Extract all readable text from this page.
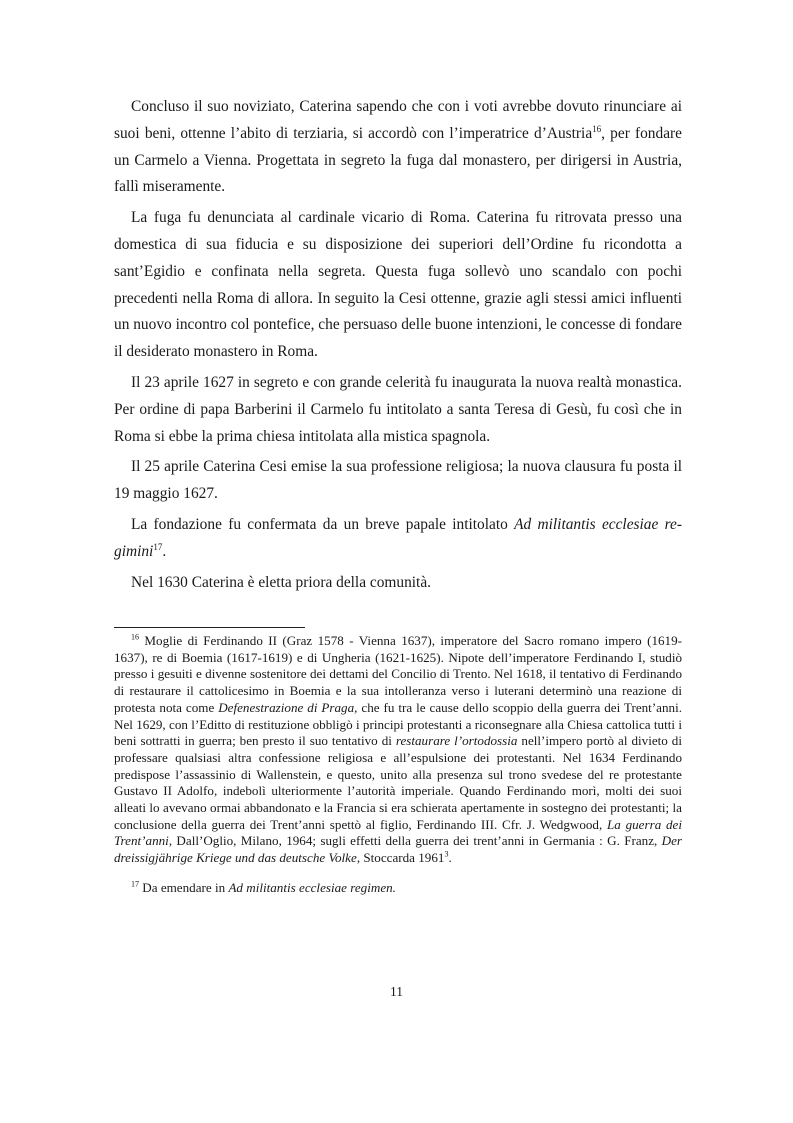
Concluso il suo noviziato, Caterina sapendo che con i voti avrebbe dovuto rinunciare ai suoi beni, ottenne l’abito di terziaria, si accordò con l’imperatrice d’Austria$^{16}$, per fondare un Carmelo a Vienna. Progettata in segreto la fuga dal monastero, per dirigersi in Austria, fallì miseramente.

La fuga fu denunciata al cardinale vicario di Roma. Caterina fu ritrovata presso una domestica di sua fiducia e su disposizione dei superiori dell’Ordine fu ricondotta a sant’Egidio e confinata nella segreta. Questa fuga sollevò uno scandalo con pochi precedenti nella Roma di allora. In seguito la Cesi ottenne, grazie agli stessi amici influenti un nuovo incontro col pontefice, che persuaso delle buone intenzioni, le concesse di fondare il desiderato monastero in Roma.

Il 23 aprile 1627 in segreto e con grande celerità fu inaugurata la nuova realtà monastica. Per ordine di papa Barberini il Carmelo fu intitolato a santa Teresa di Gesù, fu così che in Roma si ebbe la prima chiesa intitolata alla mistica spagnola.

Il 25 aprile Caterina Cesi emise la sua professione religiosa; la nuova clausura fu posta il 19 maggio 1627.

La fondazione fu confermata da un breve papale intitolato Ad militantis ecclesiae re-gimini$^{17}$.

Nel 1630 Caterina è eletta priora della comunità.

$^{16}$ Moglie di Ferdinando II (Graz 1578 - Vienna 1637), imperatore del Sacro romano impero (1619-1637), re di Boemia (1617-1619) e di Ungheria (1621-1625). Nipote dell’imperatore Ferdinando I, studiò presso i gesuiti e divenne sostenitore dei dettami del Concilio di Trento. Nel 1618, il tentativo di Ferdinando di restaurare il cattolicesimo in Boemia e la sua intolleranza verso i luterani determinò una reazione di protesta nota come Defenestrazione di Praga, che fu tra le cause dello scoppio della guerra dei Trent’anni. Nel 1629, con l’Editto di restituzione obbligò i principi protestanti a riconsegnare alla Chiesa cattolica tutti i beni sottratti in guerra; ben presto il suo tentativo di restaurare l’ortodossia nell’impero portò al divieto di professare qualsiasi altra confessione religiosa e all’espulsione dei protestanti. Nel 1634 Ferdinando predispose l’assassinio di Wallenstein, e questo, unito alla presenza sul trono svedese del re protestante Gustavo II Adolfo, indebolì ulteriormente l’autorità imperiale. Quando Ferdinando morì, molti dei suoi alleati lo avevano ormai abbandonato e la Francia si era schierata apertamente in sostegno dei protestanti; la conclusione della guerra dei Trent’anni spettò al figlio, Ferdinando III. Cfr. J. Wedgwood, La guerra dei Trent’anni, Dall’Oglio, Milano, 1964; sugli effetti della guerra dei trent’anni in Germania : G. Franz, Der dreissigjährige Kriege und das deutsche Volke, Stoccarda 1961$^3$.

$^{17}$ Da emendare in Ad militantis ecclesiae regimen.

11
